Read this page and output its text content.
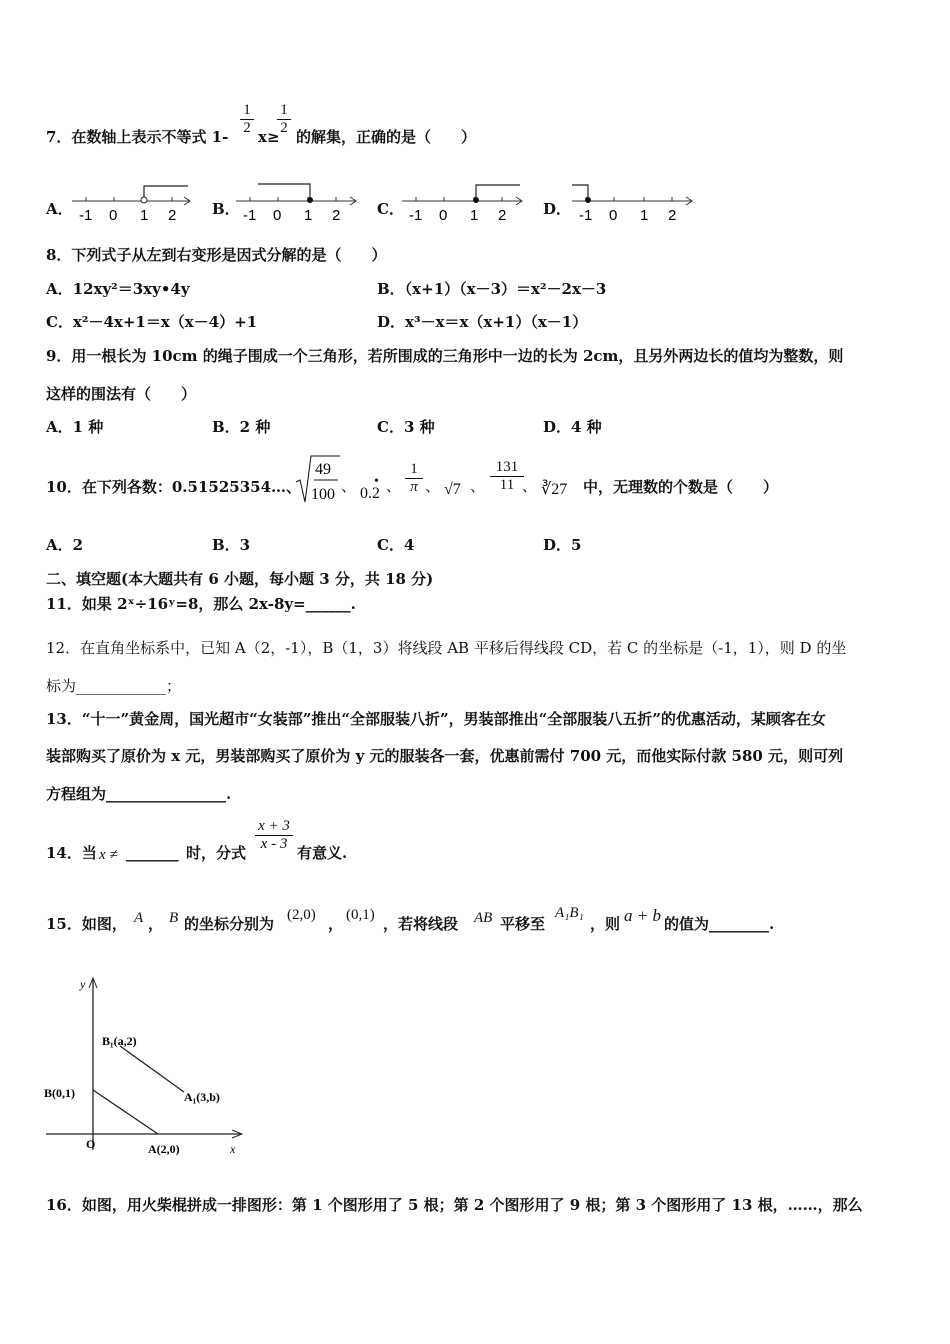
7．在数轴上表示不等式 $1- \frac{1}{2} x\ge$
$\frac{1}{2}$ 的解集，正确的是（　　）
A．	B．	C．	D．
-1 0 1 2	-1 0 1 2	-1 0 1 2	-1 0 1 2
8．下列式子从左到右变形是因式分解的是（　　）
A．12xy²＝3xy•4y	B．（x+1）（x－3）＝x²－2x－3
C．x²－4x+1＝x（x－4）+1	D．x³－x＝x（x+1）（x－1）
9．用一根长为 10cm 的绳子围成一个三角形，若所围成的三角形中一边的长为 2cm，且另外两边长的值均为整数，则
这样的围法有（　　）
A．1 种	B．2 种	C．3 种	D．4 种
10．在下列各数：0.51525354…、
49
100 、 •
0.2 、 $\frac{1}{\pi}$ 、 √7 、 $\frac{131}{11}$
、 ∛27 中，无理数的个数是（　　）
A．2	B．3	C．4	D．5
二、填空题(本大题共有 6 小题，每小题 3 分，共 18 分)
11．如果 2ˣ÷16ʸ=8，那么 2x-8y=______.
12．在直角坐标系中，已知 A（2，-1），B（1，3）将线段 AB 平移后得线段 CD，若 C 的坐标是（-1，1），则 D 的坐
标为____________；
13．“十一”黄金周，国光超市“女装部”推出“全部服装八折”，男装部推出“全部服装八五折”的优惠活动，某顾客在女
装部购买了原价为 x 元，男装部购买了原价为 y 元的服装各一套，优惠前需付 700 元，而他实际付款 580 元，则可列
方程组为________________.
14．当 x ≠ _______ 时，分式 $\frac{x + 3}{x - 3}$ 有意义.
15．如图， A ， B 的坐标分别为 (2,0) ， (0,1) ，若将线段 AB 平移至
A₁B₁
，则 a + b 的值为________.
y
x
O
B(0,1)
A(2,0)
B₁(a,2)
A₁(3,b)
16．如图，用火柴棍拼成一排图形：第 1 个图形用了 5 根；第 2 个图形用了 9 根；第 3 个图形用了 13 根，……，那么
